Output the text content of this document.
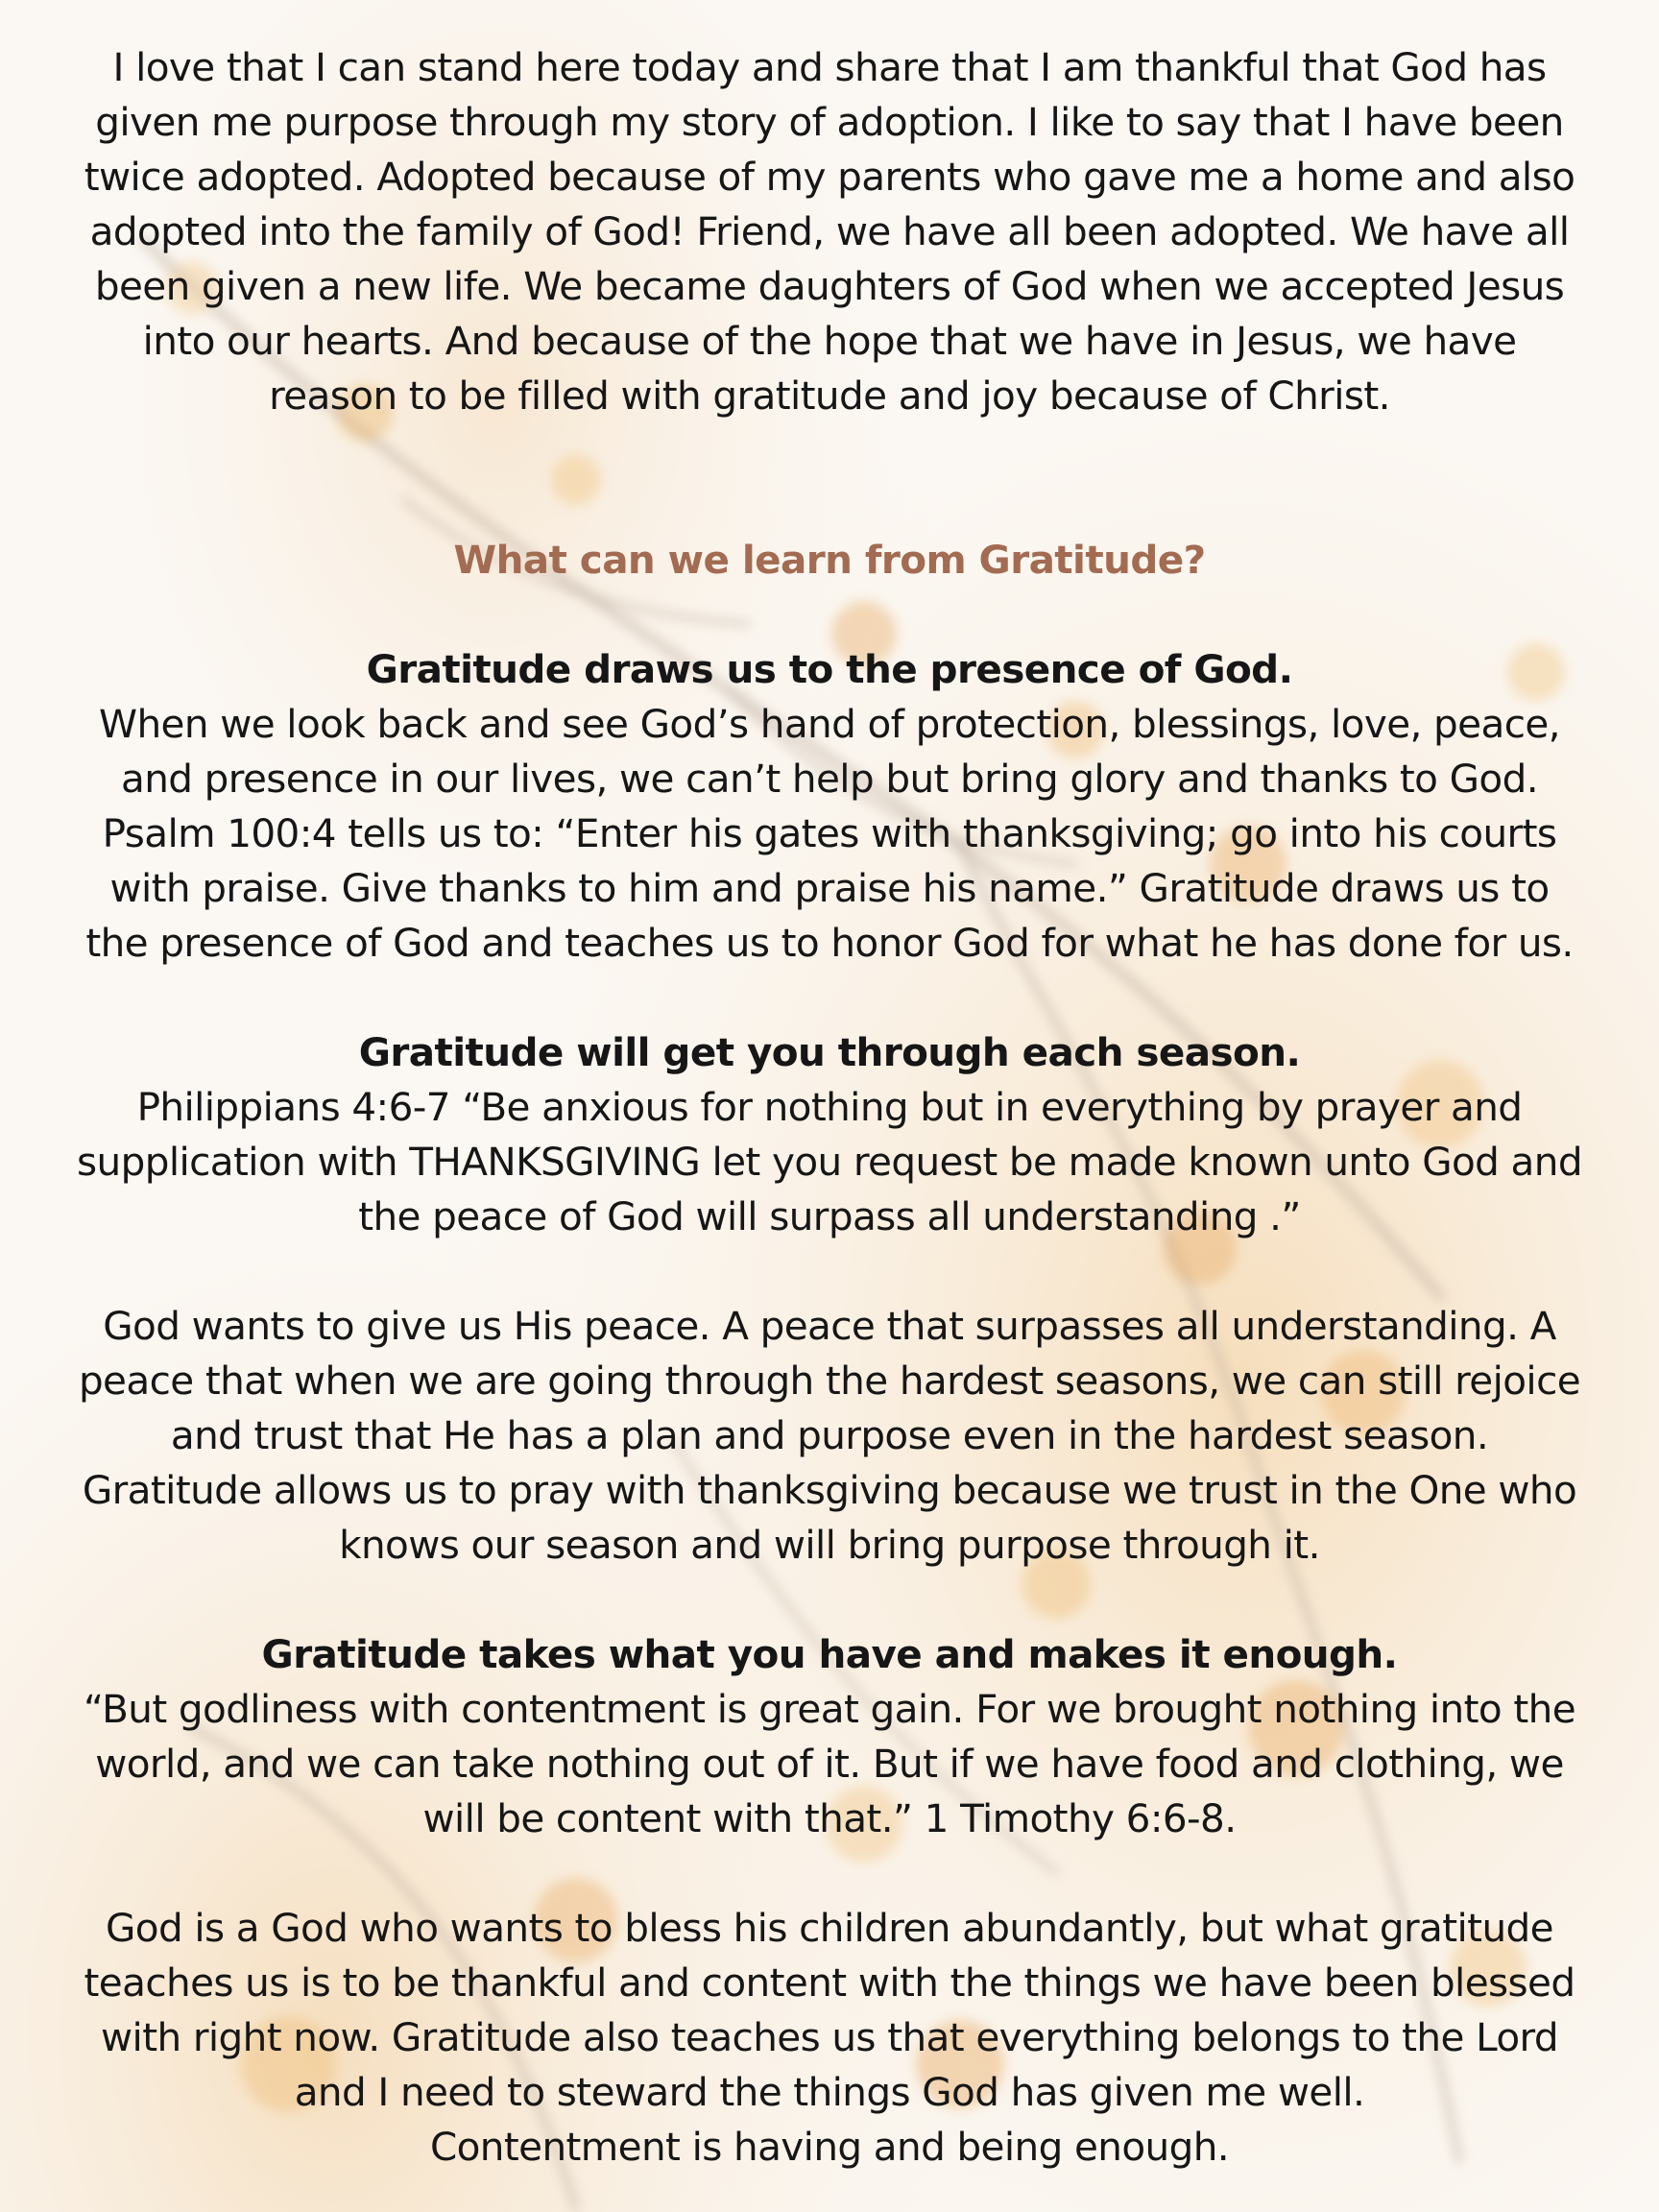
I love that I can stand here today and share that I am thankful that God has given me purpose through my story of adoption. I like to say that I have been twice adopted. Adopted because of my parents who gave me a home and also adopted into the family of God! Friend, we have all been adopted. We have all been given a new life. We became daughters of God when we accepted Jesus into our hearts. And because of the hope that we have in Jesus, we have reason to be filled with gratitude and joy because of Christ.

What can we learn from Gratitude?

Gratitude draws us to the presence of God.

When we look back and see God’s hand of protection, blessings, love, peace, and presence in our lives, we can’t help but bring glory and thanks to God. Psalm 100:4 tells us to: “Enter his gates with thanksgiving; go into his courts with praise. Give thanks to him and praise his name.” Gratitude draws us to the presence of God and teaches us to honor God for what he has done for us.

Gratitude will get you through each season.

Philippians 4:6-7 “Be anxious for nothing but in everything by prayer and supplication with THANKSGIVING let you request be made known unto God and the peace of God will surpass all understanding .”

God wants to give us His peace. A peace that surpasses all understanding. A peace that when we are going through the hardest seasons, we can still rejoice and trust that He has a plan and purpose even in the hardest season. Gratitude allows us to pray with thanksgiving because we trust in the One who knows our season and will bring purpose through it.

Gratitude takes what you have and makes it enough.

“But godliness with contentment is great gain. For we brought nothing into the world, and we can take nothing out of it. But if we have food and clothing, we will be content with that.” 1 Timothy 6:6-8.

God is a God who wants to bless his children abundantly, but what gratitude teaches us is to be thankful and content with the things we have been blessed with right now. Gratitude also teaches us that everything belongs to the Lord and I need to steward the things God has given me well.

Contentment is having and being enough.
